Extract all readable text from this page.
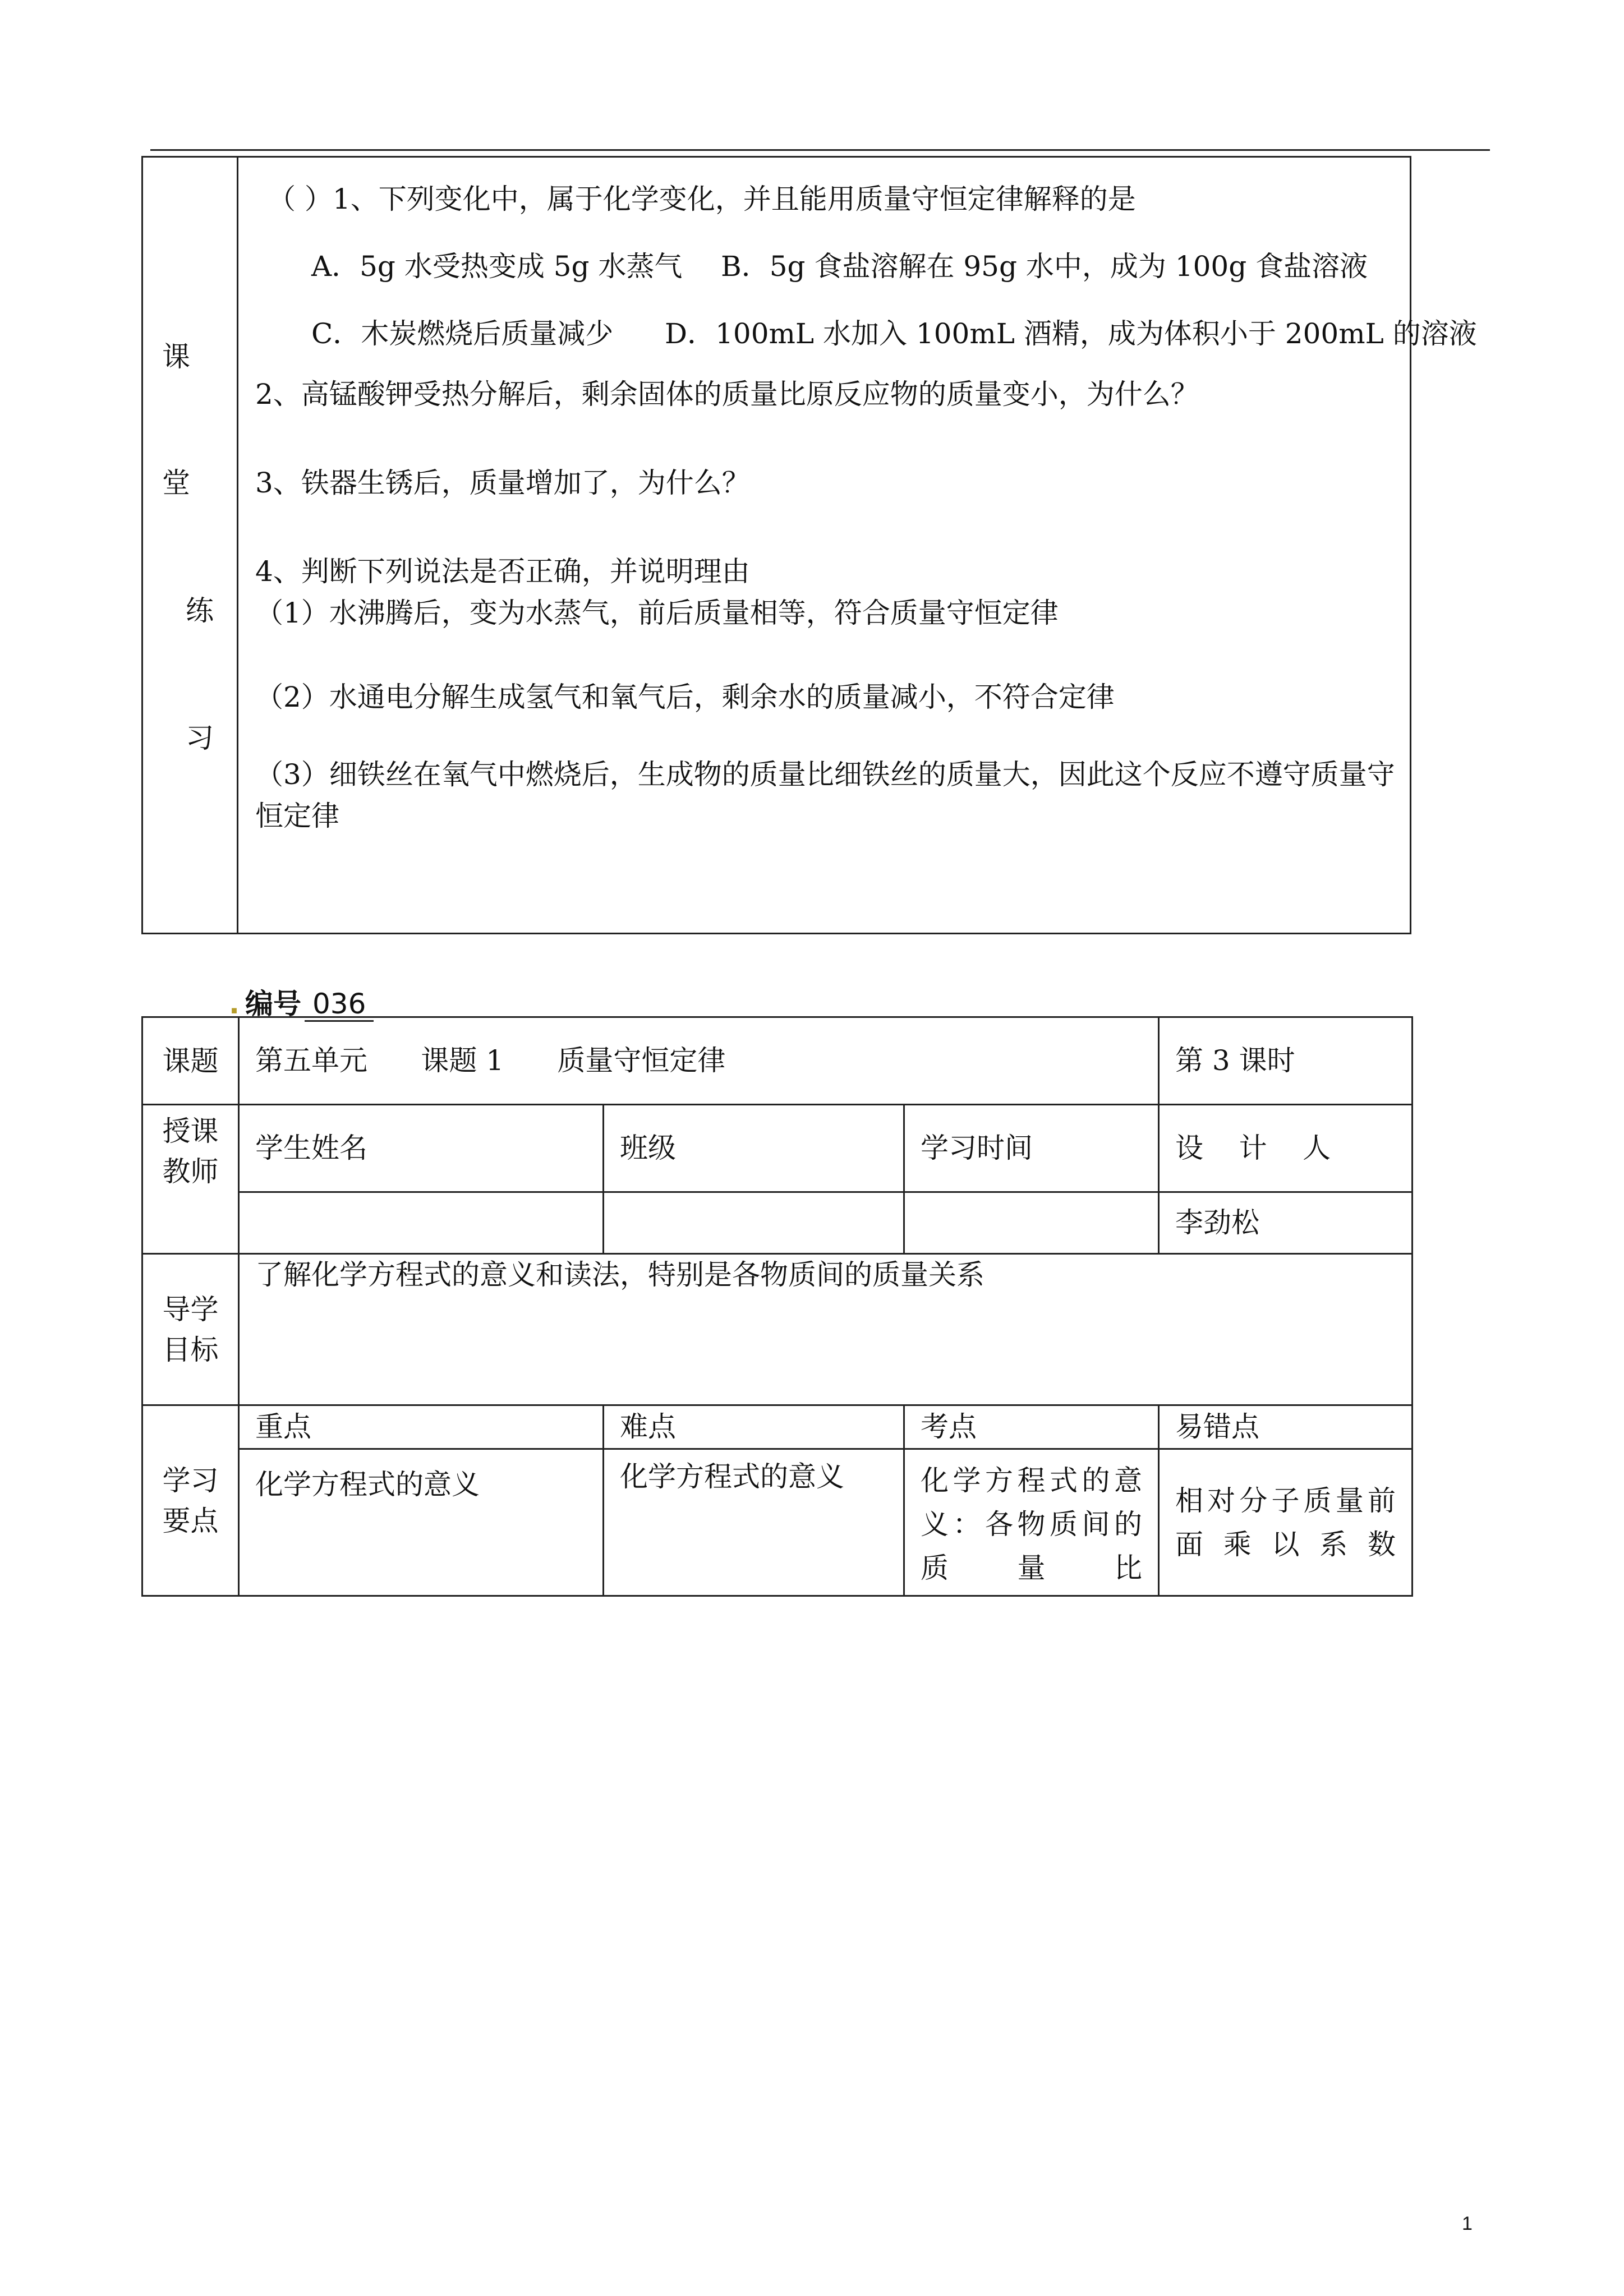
课
堂
练
习
（ ）1、下列变化中，属于化学变化，并且能用质量守恒定律解释的是
A．5g 水受热变成 5g 水蒸气 B．5g 食盐溶解在 95g 水中，成为 100g 食盐溶液
C．木炭燃烧后质量减少 D．100mL 水加入 100mL 酒精，成为体积小于 200mL 的溶液
2、高锰酸钾受热分解后，剩余固体的质量比原反应物的质量变小，为什么？
3、铁器生锈后，质量增加了，为什么？
4、判断下列说法是否正确，并说明理由
（1）水沸腾后，变为水蒸气，前后质量相等，符合质量守恒定律
（2）水通电分解生成氢气和氧气后，剩余水的质量减小，不符合定律
（3）细铁丝在氧气中燃烧后，生成物的质量比细铁丝的质量大，因此这个反应不遵守质量守恒定律
. 编号 036
课题	第五单元      课题 1      质量守恒定律			第 3 课时
授课教师	学生姓名	班级	学习时间	设    计    人
				李劲松
导学目标	了解化学方程式的意义和读法，特别是各物质间的质量关系			
学习要点	重点	难点	考点	易错点
	化学方程式的意义	化学方程式的意义	化学方程式的意义：各物质间的质量比	相对分子质量前面乘以系数
1
